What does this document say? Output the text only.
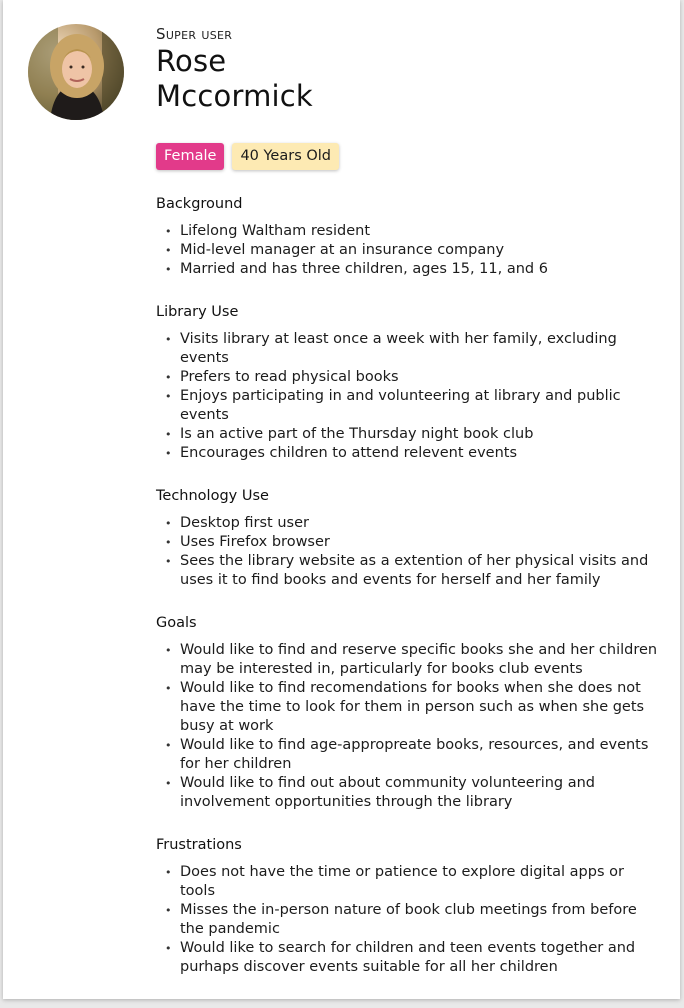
Super user
Rose
Mccormick
Female	40 Years Old
Background
• Lifelong Waltham resident
• Mid-level manager at an insurance company
• Married and has three children, ages 15, 11, and 6
Library Use
• Visits library at least once a week with her family, excluding events
• Prefers to read physical books
• Enjoys participating in and volunteering at library and public events
• Is an active part of the Thursday night book club
• Encourages children to attend relevent events
Technology Use
• Desktop first user
• Uses Firefox browser
• Sees the library website as a extention of her physical visits and uses it to find books and events for herself and her family
Goals
• Would like to find and reserve specific books she and her children may be interested in, particularly for books club events
• Would like to find recomendations for books when she does not have the time to look for them in person such as when she gets busy at work
• Would like to find age-appropreate books, resources, and events for her children
• Would like to find out about community volunteering and involvement opportunities through the library
Frustrations
• Does not have the time or patience to explore digital apps or tools
• Misses the in-person nature of book club meetings from before the pandemic
• Would like to search for children and teen events together and purhaps discover events suitable for all her children
